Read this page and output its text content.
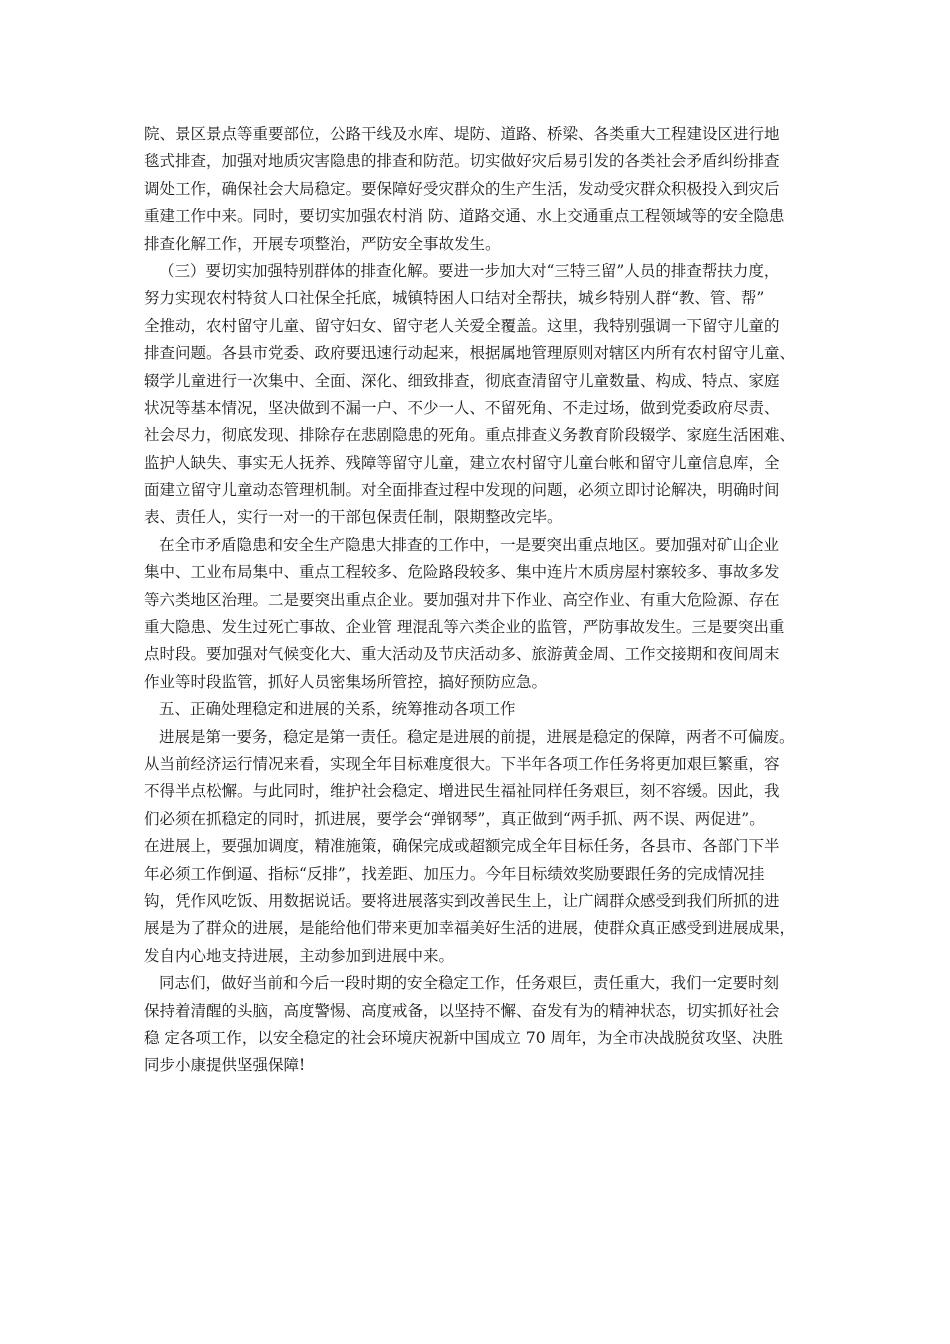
院、景区景点等重要部位，公路干线及水库、堤防、道路、桥梁、各类重大工程建设区进行地
毯式排查，加强对地质灾害隐患的排查和防范。切实做好灾后易引发的各类社会矛盾纠纷排查
调处工作，确保社会大局稳定。要保障好受灾群众的生产生活，发动受灾群众积极投入到灾后
重建工作中来。同时，要切实加强农村消 防、道路交通、水上交通重点工程领域等的安全隐患
排查化解工作，开展专项整治，严防安全事故发生。
（三）要切实加强特别群体的排查化解。要进一步加大对“三特三留”人员的排查帮扶力度，
努力实现农村特贫人口社保全托底，城镇特困人口结对全帮扶，城乡特别人群“教、管、帮”
全推动，农村留守儿童、留守妇女、留守老人关爱全覆盖。这里，我特别强调一下留守儿童的
排查问题。各县市党委、政府要迅速行动起来，根据属地管理原则对辖区内所有农村留守儿童、
辍学儿童进行一次集中、全面、深化、细致排查，彻底查清留守儿童数量、构成、特点、家庭
状况等基本情况，坚决做到不漏一户、不少一人、不留死角、不走过场，做到党委政府尽责、
社会尽力，彻底发现、排除存在悲剧隐患的死角。重点排查义务教育阶段辍学、家庭生活困难、
监护人缺失、事实无人抚养、残障等留守儿童，建立农村留守儿童台帐和留守儿童信息库，全
面建立留守儿童动态管理机制。对全面排查过程中发现的问题，必须立即讨论解决，明确时间
表、责任人，实行一对一的干部包保责任制，限期整改完毕。
在全市矛盾隐患和安全生产隐患大排查的工作中，一是要突出重点地区。要加强对矿山企业
集中、工业布局集中、重点工程较多、危险路段较多、集中连片木质房屋村寨较多、事故多发
等六类地区治理。二是要突出重点企业。要加强对井下作业、高空作业、有重大危险源、存在
重大隐患、发生过死亡事故、企业管 理混乱等六类企业的监管，严防事故发生。三是要突出重
点时段。要加强对气候变化大、重大活动及节庆活动多、旅游黄金周、工作交接期和夜间周末
作业等时段监管，抓好人员密集场所管控，搞好预防应急。
五、正确处理稳定和进展的关系，统筹推动各项工作
进展是第一要务，稳定是第一责任。稳定是进展的前提，进展是稳定的保障，两者不可偏废。
从当前经济运行情况来看，实现全年目标难度很大。下半年各项工作任务将更加艰巨繁重，容
不得半点松懈。与此同时，维护社会稳定、增进民生福祉同样任务艰巨，刻不容缓。因此，我
们必须在抓稳定的同时，抓进展，要学会“弹钢琴”，真正做到“两手抓、两不误、两促进”。
在进展上，要强加调度，精准施策，确保完成或超额完成全年目标任务，各县市、各部门下半
年必须工作倒逼、指标“反排”，找差距、加压力。今年目标绩效奖励要跟任务的完成情况挂
钩，凭作风吃饭、用数据说话。要将进展落实到改善民生上，让广阔群众感受到我们所抓的进
展是为了群众的进展，是能给他们带来更加幸福美好生活的进展，使群众真正感受到进展成果，
发自内心地支持进展，主动参加到进展中来。
同志们，做好当前和今后一段时期的安全稳定工作，任务艰巨，责任重大，我们一定要时刻
保持着清醒的头脑，高度警惕、高度戒备，以坚持不懈、奋发有为的精神状态，切实抓好社会
稳 定各项工作，以安全稳定的社会环境庆祝新中国成立 70 周年，为全市决战脱贫攻坚、决胜
同步小康提供坚强保障!
